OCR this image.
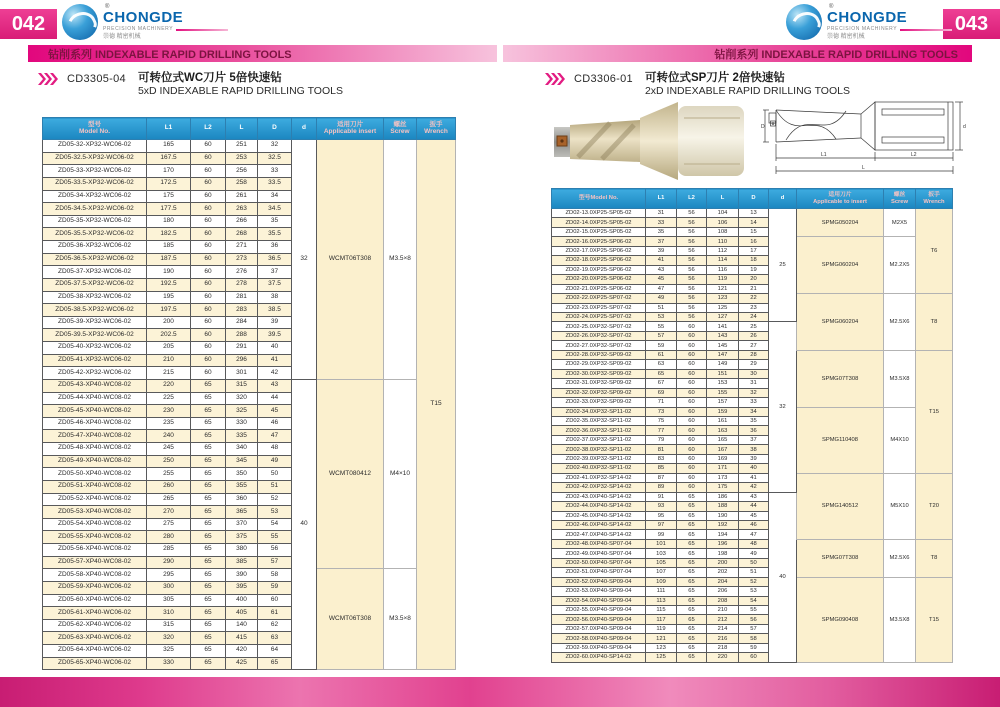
042	043
®
CHONGDE
PRECISION MACHINERY
崇德 精密机械
®
CHONGDE
PRECISION MACHINERY
崇德 精密机械
钻削系列 INDEXABLE RAPID DRILLING TOOLS	钻削系列 INDEXABLE RAPID DRILLING TOOLS
CD3305-04 可转位式WC刀片 5倍快速钻
5xD INDEXABLE RAPID DRILLING TOOLS
CD3306-01 可转位式SP刀片 2倍快速钻
2xD INDEXABLE RAPID DRILLING TOOLS
D
L1	L2
L
d
型号
Model No.	L1	L2	L	D	d	适用刀片
Applicable insert

螺丝
Screw

扳手
Wrench

ZD05-32-XP32-WC06-02	165	60	251	32	32	WCMT06T308	M3.5×8	T15
ZD05-32.5-XP32-WC06-02	167.5	60	253	32.5				
ZD05-33-XP32-WC06-02	170	60	256	33				
ZD05-33.5-XP32-WC06-02	172.5	60	258	33.5				
ZD05-34-XP32-WC06-02	175	60	261	34				
ZD05-34.5-XP32-WC06-02	177.5	60	263	34.5				
ZD05-35-XP32-WC06-02	180	60	266	35				
ZD05-35.5-XP32-WC06-02	182.5	60	268	35.5				
ZD05-36-XP32-WC06-02	185	60	271	36				
ZD05-36.5-XP32-WC06-02	187.5	60	273	36.5				
ZD05-37-XP32-WC06-02	190	60	276	37				
ZD05-37.5-XP32-WC06-02	192.5	60	278	37.5				
ZD05-38-XP32-WC06-02	195	60	281	38				
ZD05-38.5-XP32-WC06-02	197.5	60	283	38.5				
ZD05-39-XP32-WC06-02	200	60	284	39				
ZD05-39.5-XP32-WC06-02	202.5	60	288	39.5				
ZD05-40-XP32-WC06-02	205	60	291	40				
ZD05-41-XP32-WC06-02	210	60	296	41				
ZD05-42-XP32-WC06-02	215	60	301	42				
ZD05-43-XP40-WC08-02	220	65	315	43	40	WCMT080412	M4×10	
ZD05-44-XP40-WC08-02	225	65	320	44				
ZD05-45-XP40-WC08-02	230	65	325	45				
ZD05-46-XP40-WC08-02	235	65	330	46				
ZD05-47-XP40-WC08-02	240	65	335	47				
ZD05-48-XP40-WC08-02	245	65	340	48				
ZD05-49-XP40-WC08-02	250	65	345	49				
ZD05-50-XP40-WC08-02	255	65	350	50				
ZD05-51-XP40-WC08-02	260	65	355	51				
ZD05-52-XP40-WC08-02	265	65	360	52				
ZD05-53-XP40-WC08-02	270	65	365	53				
ZD05-54-XP40-WC08-02	275	65	370	54				
ZD05-55-XP40-WC08-02	280	65	375	55				
ZD05-56-XP40-WC08-02	285	65	380	56				
ZD05-57-XP40-WC08-02	290	65	385	57				
ZD05-58-XP40-WC08-02	295	65	390	58		WCMT06T308	M3.5×8	
ZD05-59-XP40-WC06-02	300	65	395	59				
ZD05-60-XP40-WC06-02	305	65	400	60				
ZD05-61-XP40-WC06-02	310	65	405	61				
ZD05-62-XP40-WC06-02	315	65	140	62				
ZD05-63-XP40-WC06-02	320	65	415	63				
ZD05-64-XP40-WC06-02	325	65	420	64				
ZD05-65-XP40-WC06-02	330	65	425	65				
型号Model No.	L1	L2	L	D	d	
适用刀片
Applicable to insert

螺丝
Screw

扳手
Wrench

ZD02-13.0XP25-SP05-02	31	56	104	13	25	SPMG050204	M2X5	T6
ZD02-14.0XP25-SP05-02	33	56	106	14				
ZD02-15.0XP25-SP05-02	35	56	108	15				
ZD02-16.0XP25-SP06-02	37	56	110	16		SPMG060204	M2.2X5	
ZD02-17.0XP25-SP06-02	39	56	112	17				
ZD02-18.0XP25-SP06-02	41	56	114	18				
ZD02-19.0XP25-SP06-02	43	56	116	19				
ZD02-20.0XP25-SP06-02	45	56	119	20				
ZD02-21.0XP25-SP06-02	47	56	121	21				
ZD02-22.0XP25-SP07-02	49	56	123	22		SPMG060204	M2.5X6	T8
ZD02-23.0XP25-SP07-02	51	56	125	23				
ZD02-24.0XP25-SP07-02	53	56	127	24				
ZD02-25.0XP32-SP07-02	55	60	141	25	32			
ZD02-26.0XP32-SP07-02	57	60	143	26				
ZD02-27.0XP32-SP07-02	59	60	145	27				
ZD02-28.0XP32-SP09-02	61	60	147	28		SPMG07T308	M3.5X8	T15
ZD02-29.0XP32-SP09-02	63	60	149	29				
ZD02-30.0XP32-SP09-02	65	60	151	30				
ZD02-31.0XP32-SP09-02	67	60	153	31				
ZD02-32.0XP32-SP09-02	69	60	155	32				
ZD02-33.0XP32-SP09-02	71	60	157	33				
ZD02-34.0XP32-SP11-02	73	60	159	34		SPMG110408	M4X10	
ZD02-35.0XP32-SP11-02	75	60	161	35				
ZD02-36.0XP32-SP11-02	77	60	163	36				
ZD02-37.0XP32-SP11-02	79	60	165	37				
ZD02-38.0XP32-SP11-02	81	60	167	38				
ZD02-39.0XP32-SP11-02	83	60	169	39				
ZD02-40.0XP32-SP11-02	85	60	171	40				
ZD02-41.0XP32-SP14-02	87	60	173	41		SPMG140512	M5X10	T20
ZD02-42.0XP32-SP14-02	89	60	175	42				
ZD02-43.0XP40-SP14-02	91	65	186	43	40			
ZD02-44.0XP40-SP14-02	93	65	188	44				
ZD02-45.0XP40-SP14-02	95	65	190	45				
ZD02-46.0XP40-SP14-02	97	65	192	46				
ZD02-47.0XP40-SP14-02	99	65	194	47				
ZD02-48.0XP40-SP07-04	101	65	196	48		SPMG07T308	M2.5X6	T8
ZD02-49.0XP40-SP07-04	103	65	198	49				
ZD02-50.0XP40-SP07-04	105	65	200	50				
ZD02-51.0XP40-SP07-04	107	65	202	51				
ZD02-52.0XP40-SP09-04	109	65	204	52		SPMG090408	M3.5X8	T15
ZD02-53.0XP40-SP09-04	111	65	206	53				
ZD02-54.0XP40-SP09-04	113	65	208	54				
ZD02-55.0XP40-SP09-04	115	65	210	55				
ZD02-56.0XP40-SP09-04	117	65	212	56				
ZD02-57.0XP40-SP09-04	119	65	214	57				
ZD02-58.0XP40-SP09-04	121	65	216	58				
ZD02-59.0XP40-SP09-04	123	65	218	59				
ZD02-60.0XP40-SP14-02	125	65	220	60				
